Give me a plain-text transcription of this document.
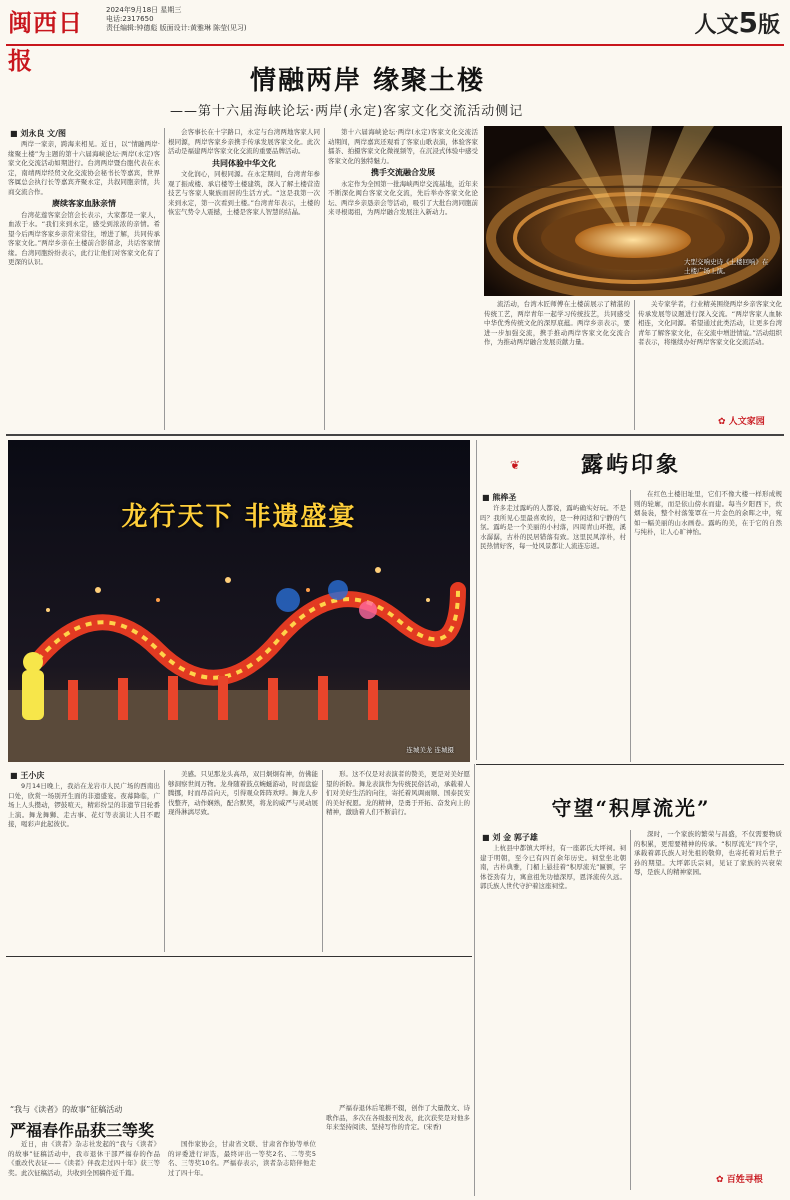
闽西日报
2024年9月18日 星期三
电话:2317650
责任编辑:钟德彪 版面设计:黄雅琳 陈莹(见习)	人文5版
情融两岸 缘聚土楼
——第十六届海峡论坛·两岸(永定)客家文化交流活动侧记
■ 刘永良 文/图

两岸一家亲，跨海来相见。近日，以“情融两岸·缘聚土楼”为主题的第十六届海峡论坛·两岸(永定)客家文化交流活动如期进行。台湾两岸暨台胞代表在永定，南靖两岸经贸文化交流协会秘书长等嘉宾，世界客属总会执行长等嘉宾齐聚永定，共叙同胞亲情，共商交流合作。

赓续客家血脉亲情

台湾花莲客家会馆会长表示，大家都是一家人，血浓于水。“我们来到永定，感受到浓浓的亲情。希望今后两岸客家乡亲常来常往，增进了解，共同传承客家文化。”两岸乡亲在土楼前合影留念，共话客家情缘。台湾同胞纷纷表示，此行让他们对客家文化有了更深的认识。

会客事长在十字路口，永定与台湾两地客家人同根同源，两岸客家乡亲携手传承发展客家文化。此次活动是福建两岸客家文化交流的重要品牌活动。

共同体验中华文化

文化润心，同根同源。在永定期间，台湾青年参观了振成楼、承启楼等土楼建筑，深入了解土楼营造技艺与客家人聚族而居的生活方式。“这是我第一次来到永定，第一次看到土楼。”台湾青年表示，土楼的恢宏气势令人震撼，土楼是客家人智慧的结晶。

第十六届海峡论坛·两岸(永定)客家文化交流活动期间，两岸嘉宾还观看了客家山歌表演，体验客家擂茶、拍摄客家文化微视频等，在沉浸式体验中感受客家文化的独特魅力。

携手交流融合发展

永定作为全国第一批海峡两岸交流基地，近年来不断深化闽台客家文化交流，先后举办客家文化论坛、两岸乡亲恳亲会等活动，吸引了大批台湾同胞前来寻根谒祖，为两岸融合发展注入新动力。

大型交响史诗《土楼回响》在土楼广场上演。

流活动，台湾木匠师傅在土楼前展示了精湛的传统工艺，两岸青年一起学习传统技艺，共同感受中华优秀传统文化的深厚底蕴。两岸乡亲表示，要进一步加强交流，携手推动两岸客家文化交流合作，为推动两岸融合发展贡献力量。

关专家学者，行业精英围绕两岸乡亲客家文化传承发展等议题进行深入交流。“两岸客家人血脉相连，文化同源。希望通过此类活动，让更多台湾青年了解客家文化，在交流中增进情谊。”活动组织者表示，将继续办好两岸客家文化交流活动。

✿ 人文家园
龙行天下 非遗盛宴
连城美龙 连城摄
■ 王小庆

9月14日晚上，我站在龙岩市人民广场的西南出口处，欣赏一场别开生面的非遗盛宴。夜幕降临，广场上人头攒动，锣鼓喧天，精彩纷呈的非遗节目轮番上演。舞龙舞狮、走古事、花灯等表演让人目不暇接，喝彩声此起彼伏。

美感。只见那龙头高昂，双目炯炯有神，仿佛能够洞察世间万物。龙身随着鼓点蜿蜒游动，时而盘旋腾挪，时而昂首向天，引得观众阵阵欢呼。舞龙人步伐整齐，动作娴熟，配合默契，将龙的威严与灵动展现得淋漓尽致。

形。这不仅是对表演者的赞美，更是对美好愿望的祈盼。舞龙表演作为传统民俗活动，承载着人们对美好生活的向往，寄托着风调雨顺、国泰民安的美好祝愿。龙的精神，是勇于开拓、奋发向上的精神，激励着人们不断前行。

❦	露屿印象
■ 熊桦圣

许多走过露屿的人都说，露屿确实好玩。不是吗？我所见心里最喜欢的，是一种闲适和宁静的气氛。露屿是一个美丽的小村落，四周青山环抱，溪水潺潺，古朴的民居错落有致。这里民风淳朴，村民热情好客，每一处风景都让人流连忘返。

在红色土楼旧址里，它们不像大楼一样形成规则的轮廓，而是依山傍水而建。每当夕阳西下，炊烟袅袅，整个村落笼罩在一片金色的余晖之中，宛如一幅美丽的山水画卷。露屿的美，在于它的自然与纯朴，让人心旷神怡。

守望“积厚流光”
■ 刘 金 郭子雄

上杭县中都镇大坪村，有一座郭氏大坪祠。祠建于明朝，至今已有四百余年历史。祠堂坐北朝南，古朴典雅，门楣上悬挂着“积厚流光”匾额，字体苍劲有力，寓意祖先功德深厚，恩泽流传久远。郭氏族人世代守护着这座祠堂。

深时，一个家族的繁荣与昌盛，不仅需要物质的积累，更需要精神的传承。“积厚流光”四个字，承载着郭氏族人对先祖的敬仰，也寄托着对后世子孙的期望。大坪郭氏宗祠，见证了家族的兴衰荣辱，是族人的精神家园。

✿ 百姓寻根
“我与《读者》的故事”征稿活动
严福春作品获三等奖

近日，由《读者》杂志社发起的“我与《读者》的故事”征稿活动中，我市退休干部严福春的作品《重改代表证——《读者》伴我走过四十年》获三等奖。此次征稿活动，共收到全国稿件近千篇。

国作家协会，甘肃省文联、甘肃省作协等单位的评委进行评选，最终评出一等奖2名、二等奖5名、三等奖10名。严福春表示，读者杂志陪伴他走过了四十年。

严福春退休后笔耕不辍，创作了大量散文、诗歌作品，多次在各级报刊发表，此次获奖是对他多年来坚持阅读、坚持写作的肯定。(宋香)
